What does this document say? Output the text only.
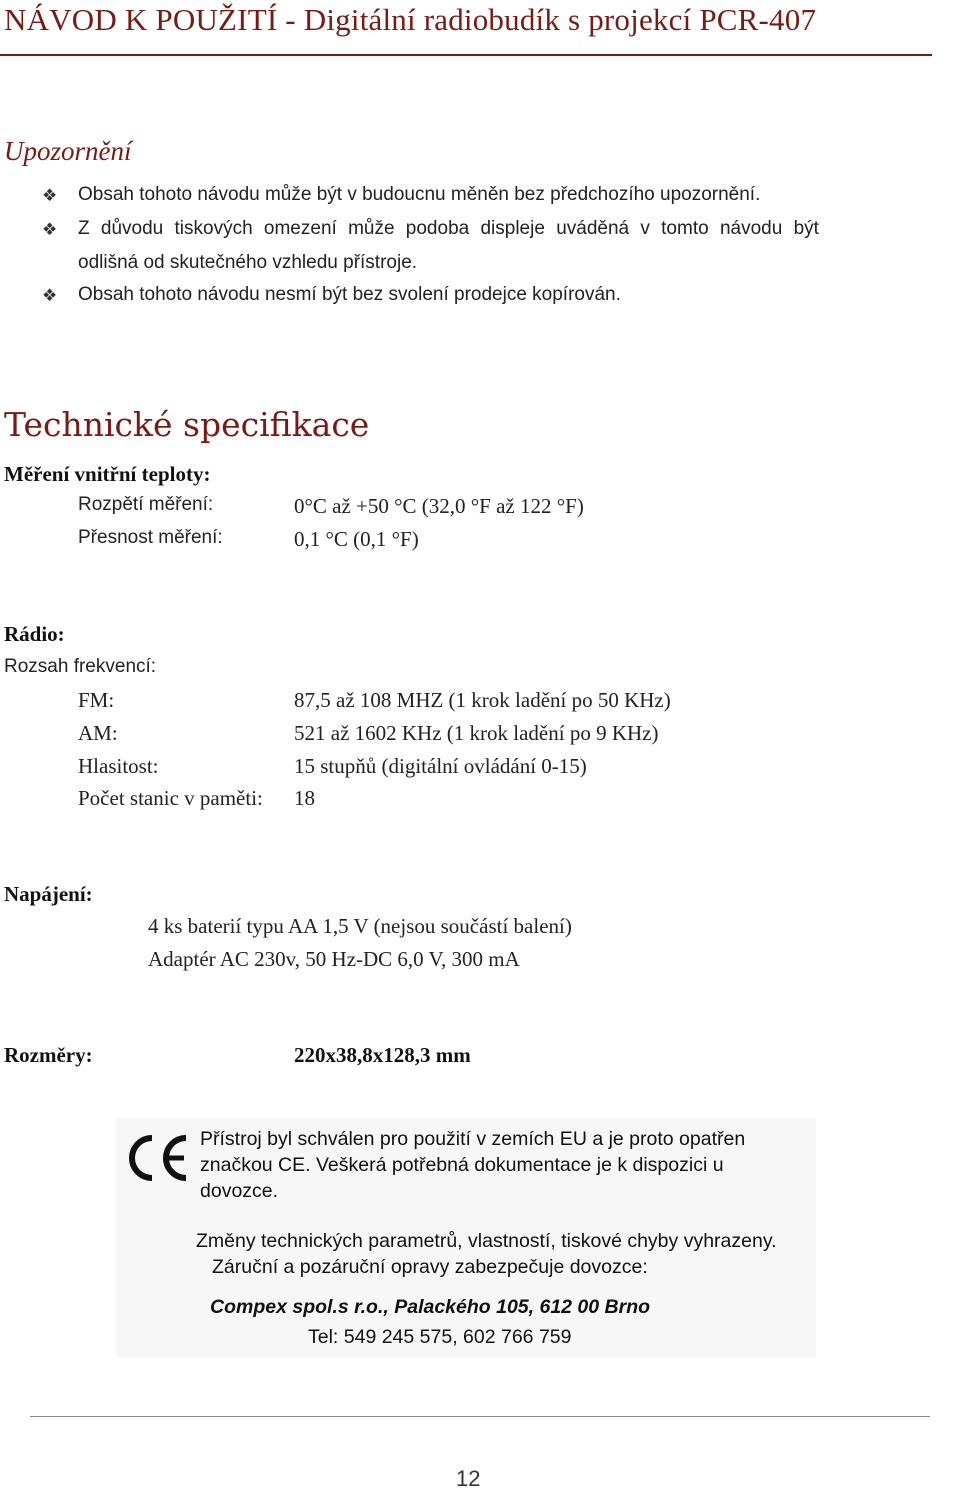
NÁVOD K POUŽITÍ - Digitální radiobudík s projekcí PCR-407
Upozornění
❖ Obsah tohoto návodu může být v budoucnu měněn bez předchozího upozornění.
❖ Z důvodu tiskových omezení může podoba displeje uváděná v tomto návodu být
odlišná od skutečného vzhledu přístroje.
❖ Obsah tohoto návodu nesmí být bez svolení prodejce kopírován.
Technické specifikace
Měření vnitřní teploty:
Rozpětí měření:	0°C až +50 °C (32,0 °F až 122 °F)
Přesnost měření:	0,1 °C (0,1 °F)
Rádio:
Rozsah frekvencí:
FM:	87,5 až 108 MHZ (1 krok ladění po 50 KHz)
AM:	521 až 1602 KHz (1 krok ladění po 9 KHz)
Hlasitost:	15 stupňů (digitální ovládání 0-15)
Počet stanic v paměti: 18
Napájení:
4 ks baterií typu AA 1,5 V (nejsou součástí balení)
Adaptér AC 230v, 50 Hz-DC 6,0 V, 300 mA
Rozměry:	220x38,8x128,3 mm
Přístroj byl schválen pro použití v zemích EU a je proto opatřen
značkou CE. Veškerá potřebná dokumentace je k dispozici u
dovozce.
Změny technických parametrů, vlastností, tiskové chyby vyhrazeny.
Záruční a pozáruční opravy zabezpečuje dovozce:
Compex spol.s r.o., Palackého 105, 612 00 Brno
Tel: 549 245 575, 602 766 759
12
